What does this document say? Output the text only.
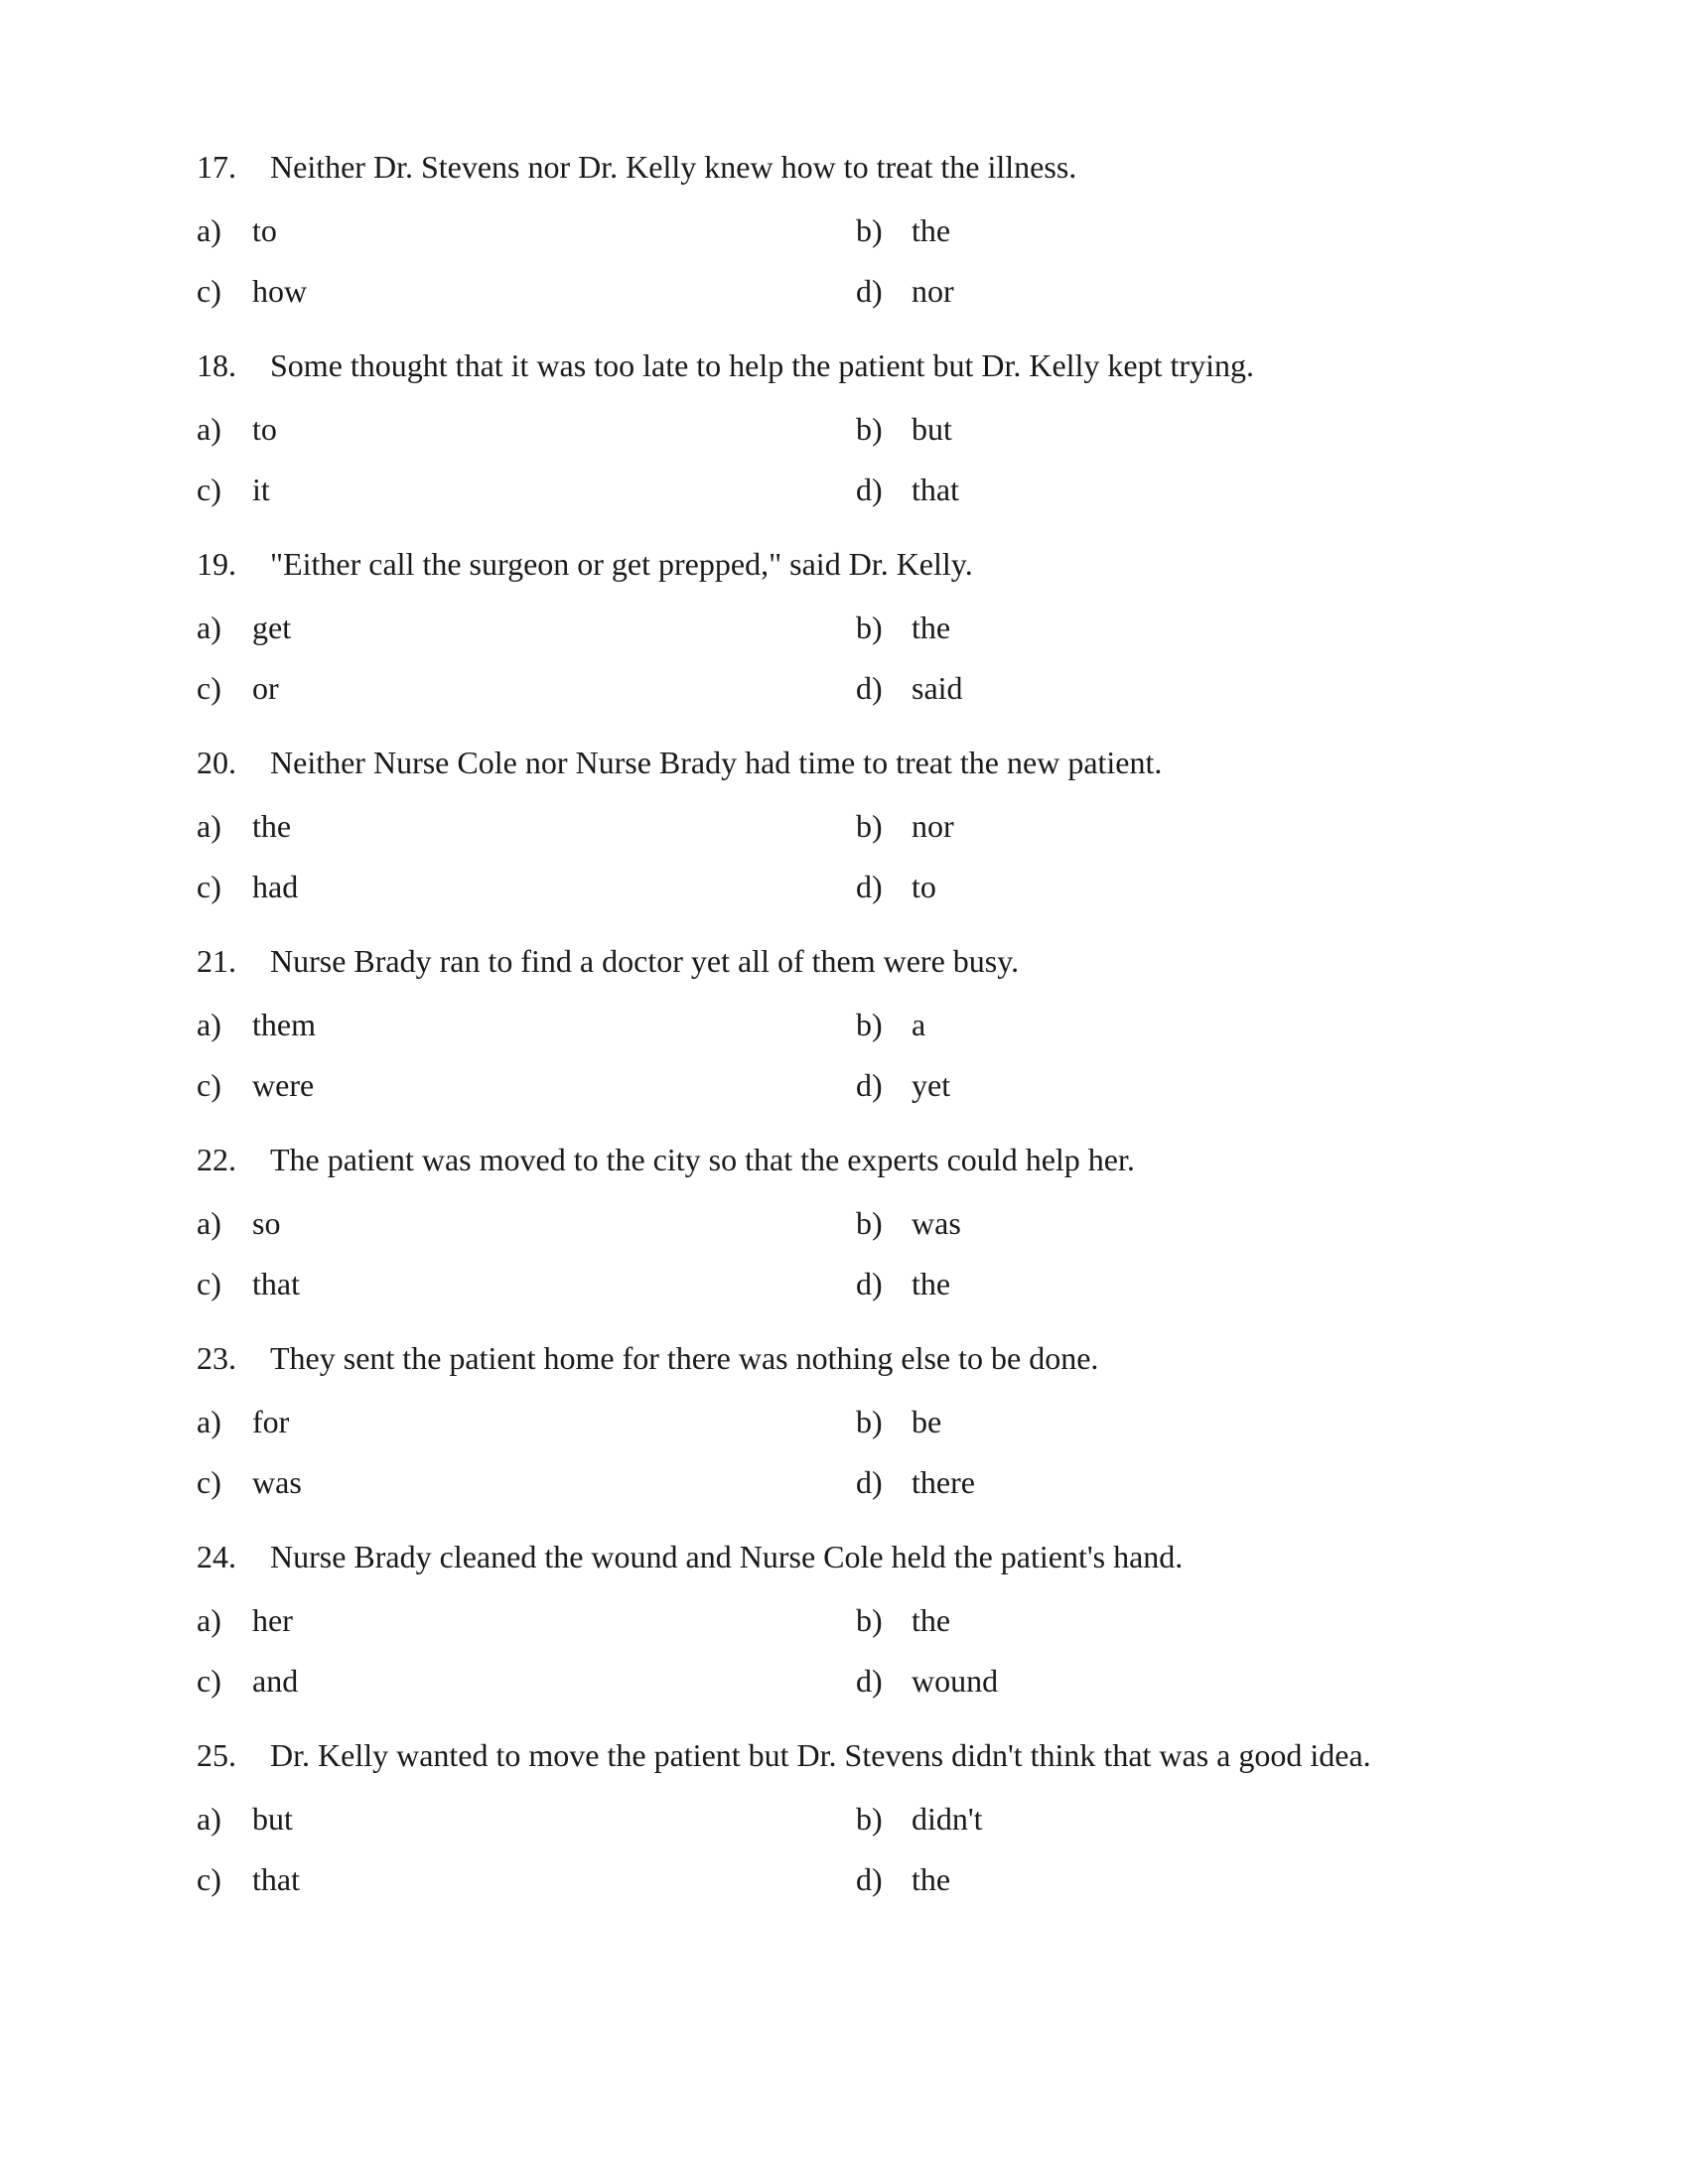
17.	Neither Dr. Stevens nor Dr. Kelly knew how to treat the illness.
a) to	b) the
c) how	d) nor
18.	Some thought that it was too late to help the patient but Dr. Kelly kept trying.
a) to	b) but
c) it	d) that
19.	"Either call the surgeon or get prepped," said Dr. Kelly.
a) get	b) the
c) or	d) said
20.	Neither Nurse Cole nor Nurse Brady had time to treat the new patient.
a) the	b) nor
c) had	d) to
21.	Nurse Brady ran to find a doctor yet all of them were busy.
a) them	b) a
c) were	d) yet
22.	The patient was moved to the city so that the experts could help her.
a) so	b) was
c) that	d) the
23.	They sent the patient home for there was nothing else to be done.
a) for	b) be
c) was	d) there
24.	Nurse Brady cleaned the wound and Nurse Cole held the patient's hand.
a) her	b) the
c) and	d) wound
25.	Dr. Kelly wanted to move the patient but Dr. Stevens didn't think that was a good idea.
a) but	b) didn't
c) that	d) the
